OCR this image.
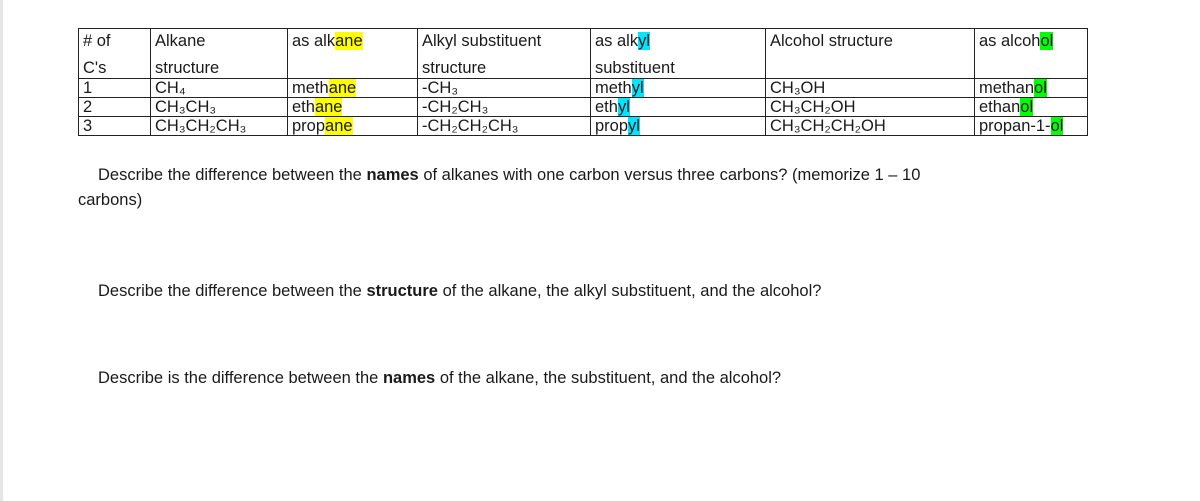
# of	Alkane	as alkane	Alkyl substituent	as alkyl	Alcohol structure	as alcohol
C's	structure		structure	substituent		
1	CH₄	methane	-CH₃	methyl	CH₃OH	methanol
2	CH₃CH₃	ethane	-CH₂CH₃	ethyl	CH₃CH₂OH	ethanol
3	CH₃CH₂CH₃	propane	-CH₂CH₂CH₃	propyl	CH₃CH₂CH₂OH	propan-1-ol

Describe the difference between the names of alkanes with one carbon versus three carbons? (memorize 1 – 10

carbons)

Describe the difference between the structure of the alkane, the alkyl substituent, and the alcohol?

Describe is the difference between the names of the alkane, the substituent, and the alcohol?
